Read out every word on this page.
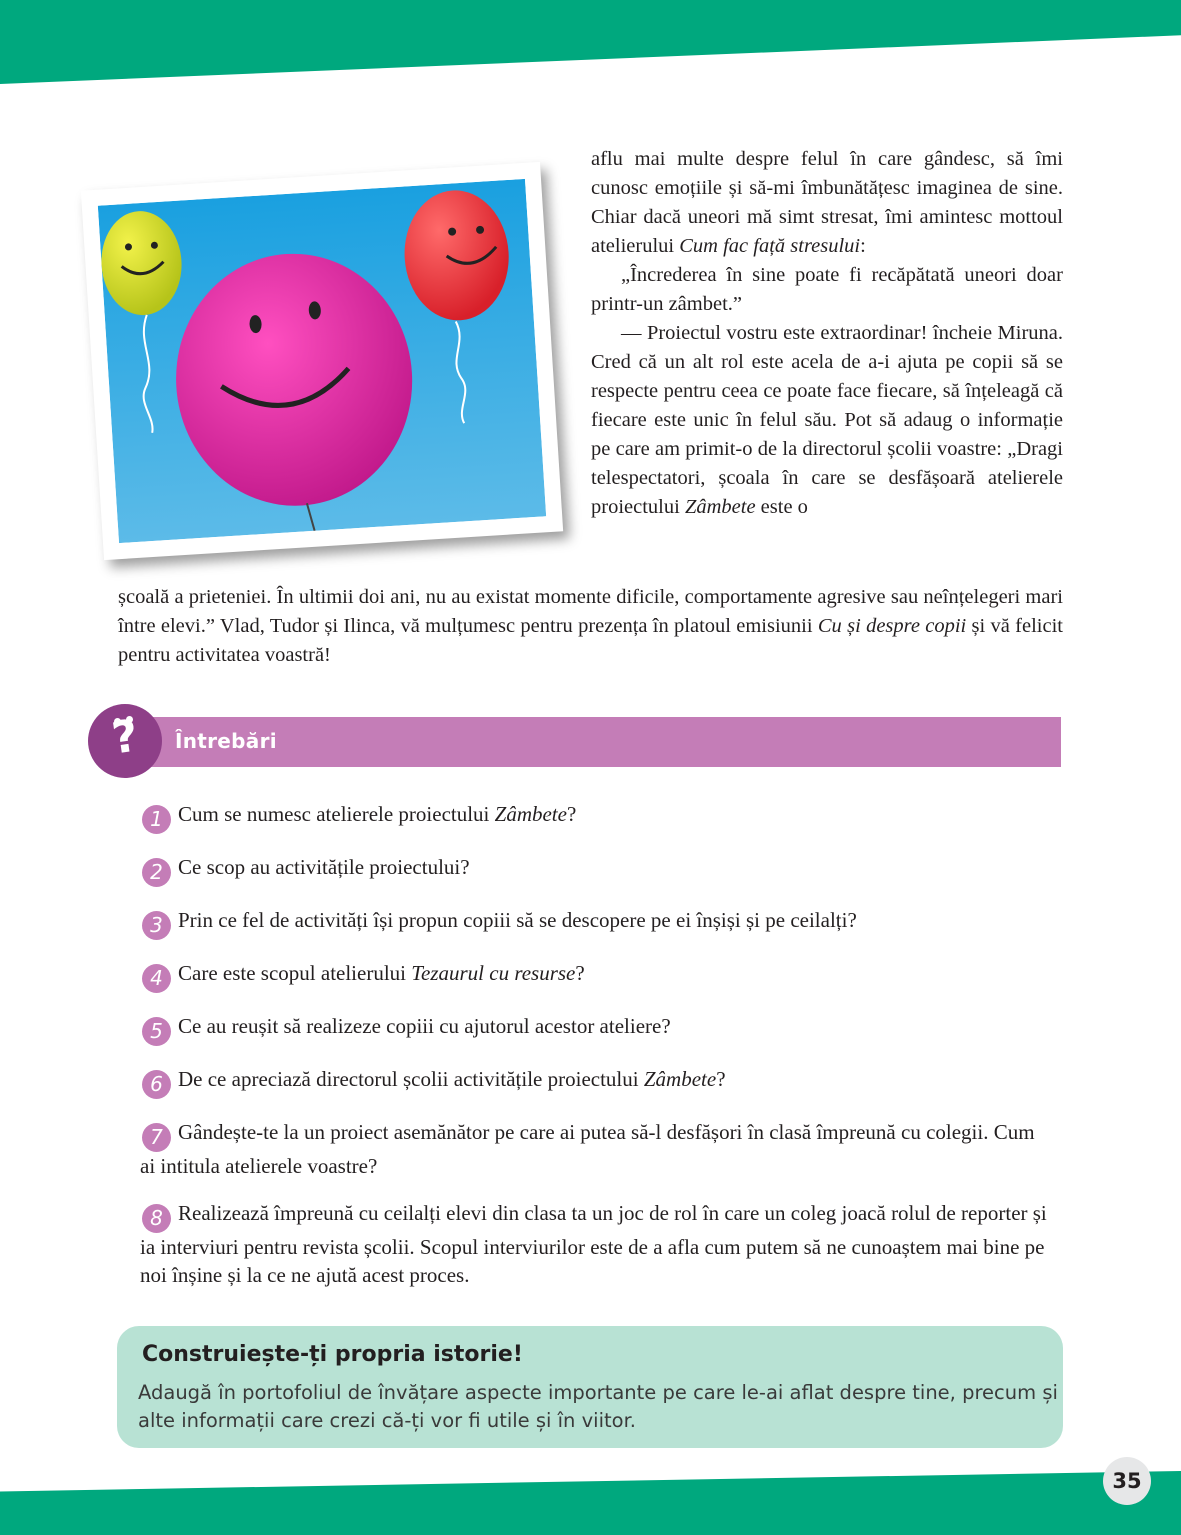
aflu mai multe despre felul în care gândesc, să îmi cunosc emoțiile și să-mi îmbunătățesc imaginea de sine. Chiar dacă uneori mă simt stresat, îmi amintesc mottoul atelierului Cum fac față stresului:

„Încrederea în sine poate fi recăpătată uneori doar printr-un zâmbet.”

— Proiectul vostru este extraordinar! încheie Miruna. Cred că un alt rol este acela de a-i ajuta pe copii să se respecte pentru ceea ce poate face fiecare, să înțeleagă că fiecare este unic în felul său. Pot să adaug o informație pe care am primit-o de la directorul școlii voastre: „Dragi telespectatori, școala în care se desfășoară atelierele proiectului Zâmbete este o

școală a prieteniei. În ultimii doi ani, nu au existat momente dificile, comportamente agresive sau neînțelegeri mari între elevi.” Vlad, Tudor și Ilinca, vă mulțumesc pentru prezența în platoul emisiunii Cu și despre copii și vă felicit pentru activitatea voastră!

?	Întrebări
1 Cum se numesc atelierele proiectului Zâmbete?
2 Ce scop au activitățile proiectului?
3 Prin ce fel de activități își propun copiii să se descopere pe ei înșiși și pe ceilalți?
4 Care este scopul atelierului Tezaurul cu resurse?
5 Ce au reușit să realizeze copiii cu ajutorul acestor ateliere?
6 De ce apreciază directorul școlii activitățile proiectului Zâmbete?
7 Gândește-te la un proiect asemănător pe care ai putea să-l desfășori în clasă împreună cu colegii. Cum ai intitula atelierele voastre?
8 Realizează împreună cu ceilalți elevi din clasa ta un joc de rol în care un coleg joacă rolul de reporter și ia interviuri pentru revista școlii. Scopul interviurilor este de a afla cum putem să ne cunoaștem mai bine pe noi înșine și la ce ne ajută acest proces.
Construiește-ți propria istorie!
Adaugă în portofoliul de învățare aspecte importante pe care le-ai aflat despre tine, precum și alte informații care crezi că-ți vor fi utile și în viitor.
35
